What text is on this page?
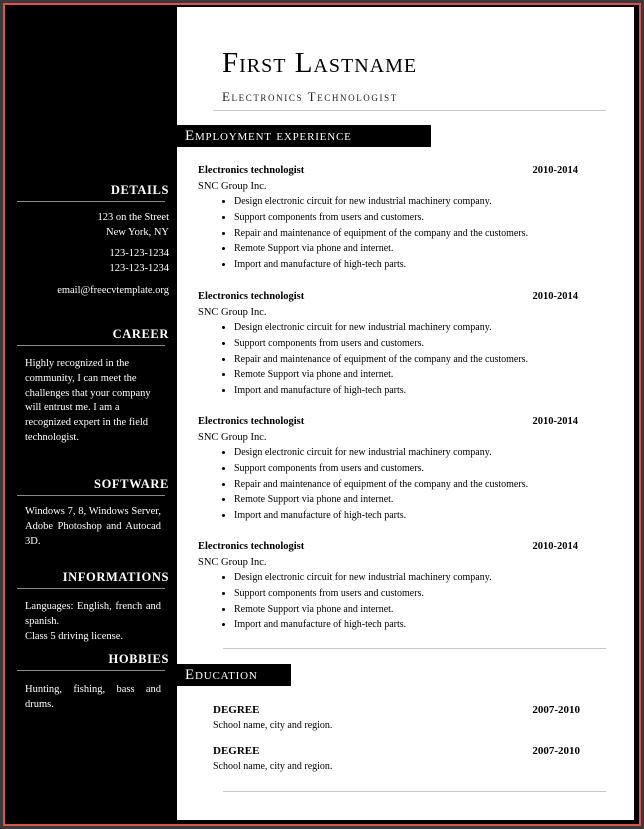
DETAILS
123 on the Street
New York, NY
123-123-1234
123-123-1234
email@freecvtemplate.org
CAREER
Highly recognized in the community, I can meet the challenges that your company will entrust me. I am a recognized expert in the field technologist.
SOFTWARE
Windows 7, 8, Windows Server, Adobe Photoshop and Autocad 3D.
INFORMATIONS
Languages: English, french and spanish.
Class 5 driving license.
HOBBIES
Hunting, fishing, bass and drums.
First Lastname
Electronics Technologist
Employment experience
Electronics technologist	2010-2014
SNC Group Inc.
• Design electronic circuit for new industrial machinery company.
• Support components from users and customers.
• Repair and maintenance of equipment of the company and the customers.
• Remote Support via phone and internet.
• Import and manufacture of high-tech parts.
Electronics technologist	2010-2014
SNC Group Inc.
• Design electronic circuit for new industrial machinery company.
• Support components from users and customers.
• Repair and maintenance of equipment of the company and the customers.
• Remote Support via phone and internet.
• Import and manufacture of high-tech parts.
Electronics technologist	2010-2014
SNC Group Inc.
• Design electronic circuit for new industrial machinery company.
• Support components from users and customers.
• Repair and maintenance of equipment of the company and the customers.
• Remote Support via phone and internet.
• Import and manufacture of high-tech parts.
Electronics technologist	2010-2014
SNC Group Inc.
• Design electronic circuit for new industrial machinery company.
• Support components from users and customers.
• Remote Support via phone and internet.
• Import and manufacture of high-tech parts.
Education
DEGREE	2007-2010
School name, city and region.
DEGREE	2007-2010
School name, city and region.
